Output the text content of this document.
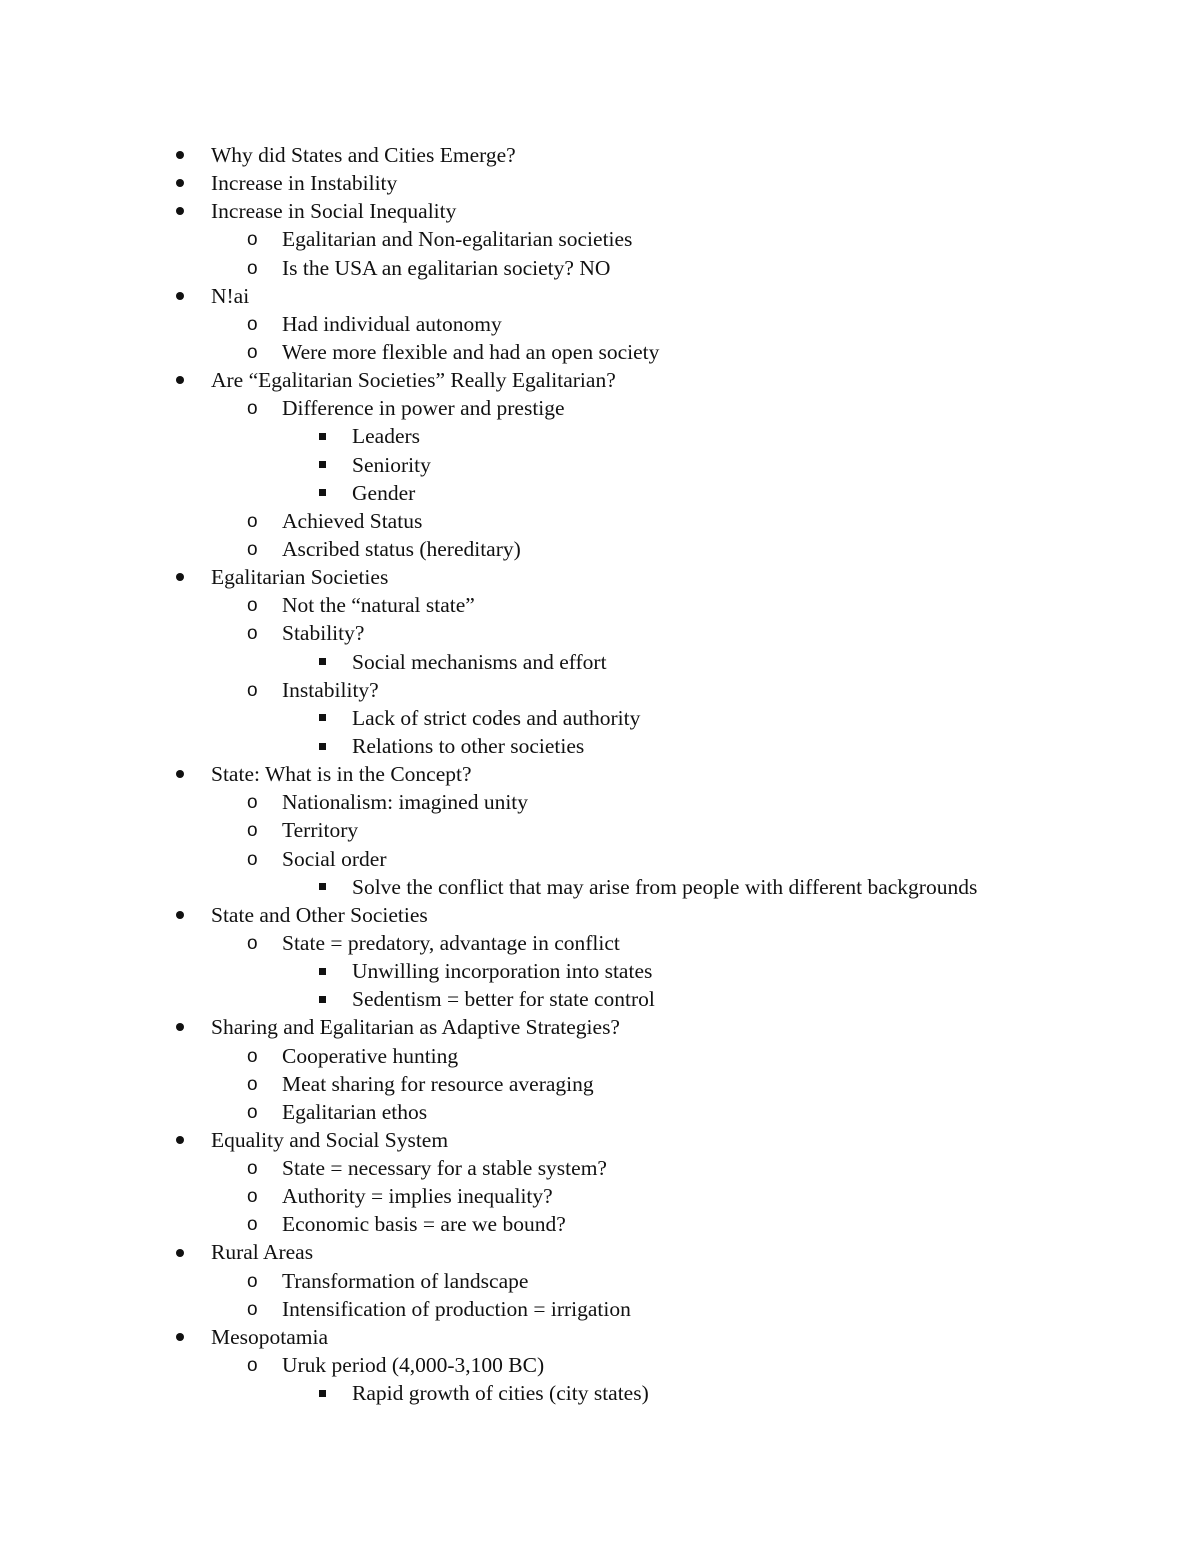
Why did States and Cities Emerge?
Increase in Instability
Increase in Social Inequality
o Egalitarian and Non-egalitarian societies
o Is the USA an egalitarian society? NO
N!ai
o Had individual autonomy
o Were more flexible and had an open society
Are “Egalitarian Societies” Really Egalitarian?
o Difference in power and prestige
Leaders
Seniority
Gender
o Achieved Status
o Ascribed status (hereditary)
Egalitarian Societies
o Not the “natural state”
o Stability?
Social mechanisms and effort
o Instability?
Lack of strict codes and authority
Relations to other societies
State: What is in the Concept?
o Nationalism: imagined unity
o Territory
o Social order
Solve the conflict that may arise from people with different backgrounds
State and Other Societies
o State = predatory, advantage in conflict
Unwilling incorporation into states
Sedentism = better for state control
Sharing and Egalitarian as Adaptive Strategies?
o Cooperative hunting
o Meat sharing for resource averaging
o Egalitarian ethos
Equality and Social System
o State = necessary for a stable system?
o Authority = implies inequality?
o Economic basis = are we bound?
Rural Areas
o Transformation of landscape
o Intensification of production = irrigation
Mesopotamia
o Uruk period (4,000-3,100 BC)
Rapid growth of cities (city states)
